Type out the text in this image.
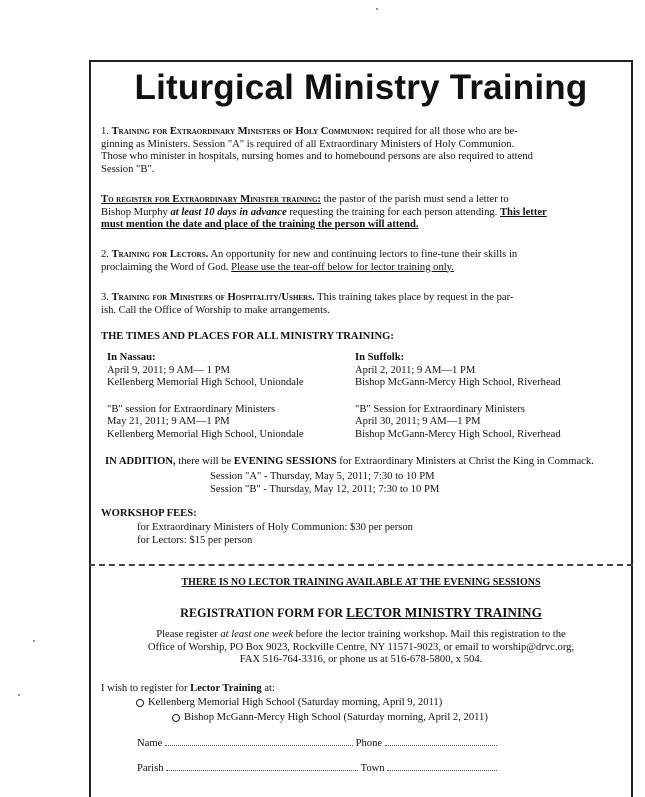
Liturgical Ministry Training
1. Training for Extraordinary Ministers of Holy Communion: required for all those who are be-
ginning as Ministers. Session "A" is required of all Extraordinary Ministers of Holy Communion.
Those who minister in hospitals, nursing homes and to homebound persons are also required to attend
Session "B".
To register for Extraordinary Minister training: the pastor of the parish must send a letter to
Bishop Murphy at least 10 days in advance requesting the training for each person attending. This letter
must mention the date and place of the training the person will attend.
2. Training for Lectors. An opportunity for new and continuing lectors to fine-tune their skills in
proclaiming the Word of God. Please use the tear-off below for lector training only.
3. Training for Ministers of Hospitality/Ushers. This training takes place by request in the par-
ish. Call the Office of Worship to make arrangements.
THE TIMES AND PLACES FOR ALL MINISTRY TRAINING:
In Nassau:
April 9, 2011; 9 AM— 1 PM
Kellenberg Memorial High School, Uniondale
"B" session for Extraordinary Ministers
May 21, 2011; 9 AM—1 PM
Kellenberg Memorial High School, Uniondale
In Suffolk:
April 2, 2011; 9 AM—1 PM
Bishop McGann-Mercy High School, Riverhead
"B" Session for Extraordinary Ministers
April 30, 2011; 9 AM—1 PM
Bishop McGann-Mercy High School, Riverhead
IN ADDITION, there will be EVENING SESSIONS for Extraordinary Ministers at Christ the King in Commack.
Session "A" - Thursday, May 5, 2011; 7:30 to 10 PM
Session "B" - Thursday, May 12, 2011; 7:30 to 10 PM
WORKSHOP FEES:
for Extraordinary Ministers of Holy Communion: $30 per person
for Lectors: $15 per person
THERE IS NO LECTOR TRAINING AVAILABLE AT THE EVENING SESSIONS
REGISTRATION FORM FOR LECTOR MINISTRY TRAINING
Please register at least one week before the lector training workshop. Mail this registration to the
Office of Worship, PO Box 9023, Rockville Centre, NY 11571-9023, or email to worship@drvc.org,
FAX 516-764-3316, or phone us at 516-678-5800, x 504.
I wish to register for Lector Training at:
Kellenberg Memorial High School (Saturday morning, April 9, 2011)
Bishop McGann-Mercy High School (Saturday morning, April 2, 2011)
Name	Phone
Parish	Town
